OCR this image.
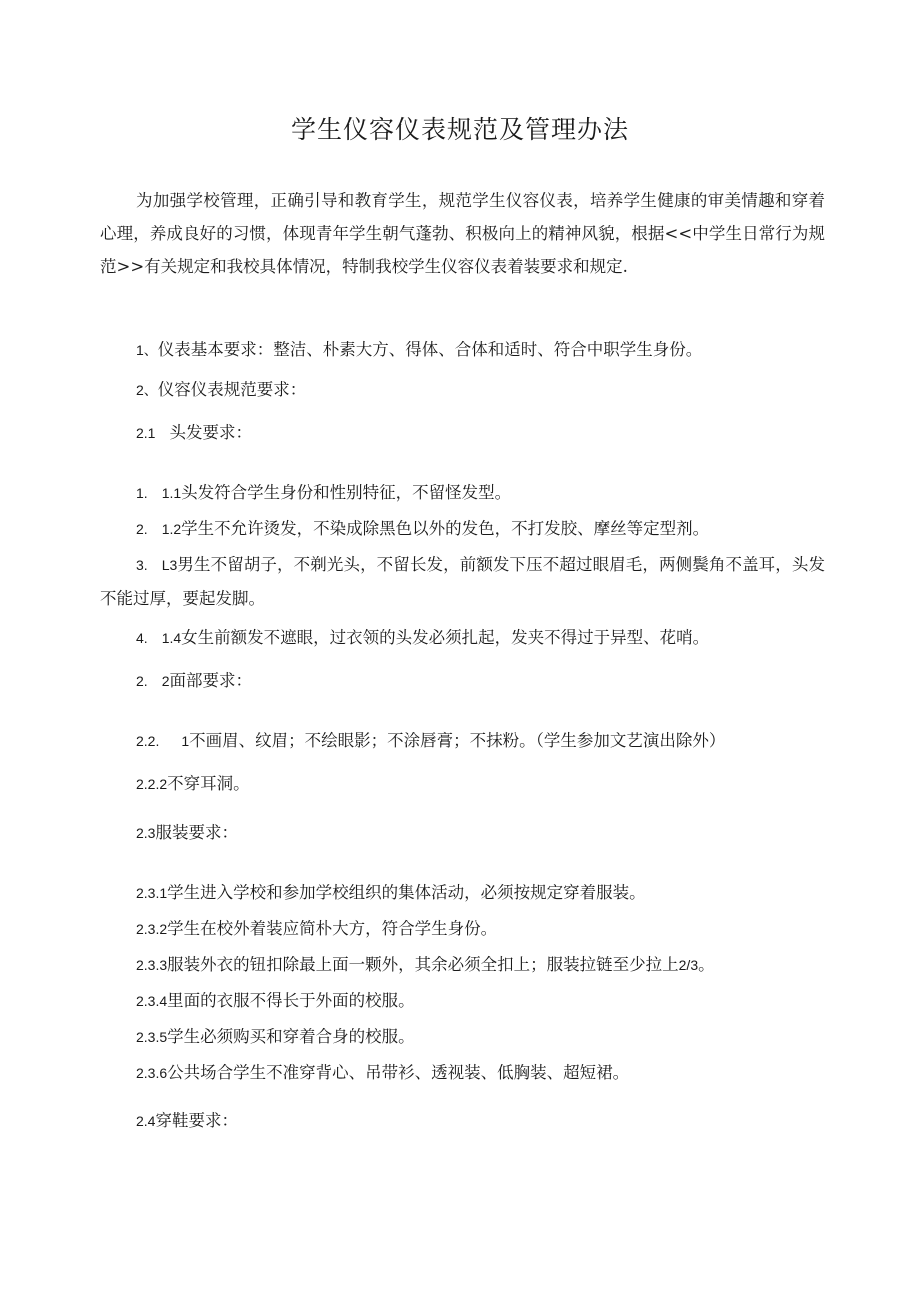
学生仪容仪表规范及管理办法

为加强学校管理，正确引导和教育学生，规范学生仪容仪表，培养学生健康的审美情趣和穿着心理，养成良好的习惯，体现青年学生朝气蓬勃、积极向上的精神风貌，根据<<中学生日常行为规范>>有关规定和我校具体情况，特制我校学生仪容仪表着装要求和规定.

1、仪表基本要求：整洁、朴素大方、得体、合体和适时、符合中职学生身份。

2、仪容仪表规范要求：

2.1 头发要求：

1. 1.1头发符合学生身份和性别特征，不留怪发型。

2. 1.2学生不允许烫发，不染成除黑色以外的发色，不打发胶、摩丝等定型剂。

3. L3男生不留胡子，不剃光头，不留长发，前额发下压不超过眼眉毛，两侧鬓角不盖耳，头发不能过厚，要起发脚。

4. 1.4女生前额发不遮眼，过衣领的头发必须扎起，发夹不得过于异型、花哨。

2. 2面部要求：

2.2. 1不画眉、纹眉；不绘眼影；不涂唇膏；不抹粉。（学生参加文艺演出除外）

2.2.2不穿耳洞。

2.3服装要求：

2.3.1学生进入学校和参加学校组织的集体活动，必须按规定穿着服装。

2.3.2学生在校外着装应简朴大方，符合学生身份。

2.3.3服装外衣的钮扣除最上面一颗外，其余必须全扣上；服装拉链至少拉上2/3。

2.3.4里面的衣服不得长于外面的校服。

2.3.5学生必须购买和穿着合身的校服。

2.3.6公共场合学生不准穿背心、吊带衫、透视装、低胸装、超短裙。

2.4穿鞋要求：
